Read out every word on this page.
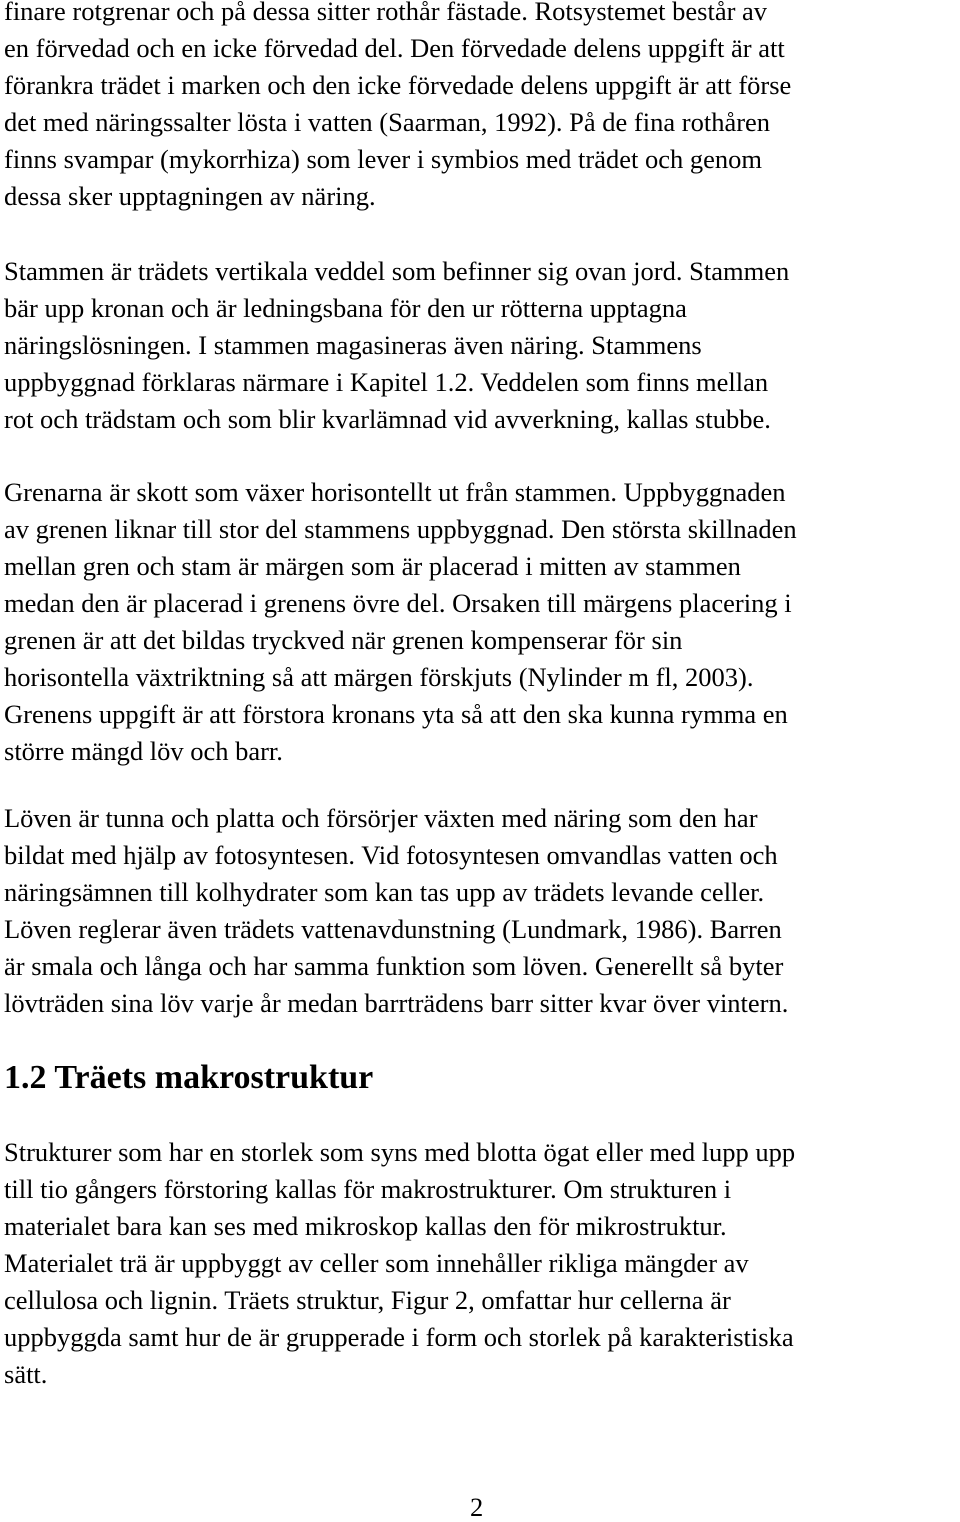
finare rotgrenar och på dessa sitter rothår fästade. Rotsystemet består av
en förvedad och en icke förvedad del. Den förvedade delens uppgift är att
förankra trädet i marken och den icke förvedade delens uppgift är att förse
det med näringssalter lösta i vatten (Saarman, 1992). På de fina rothåren
finns svampar (mykorrhiza) som lever i symbios med trädet och genom
dessa sker upptagningen av näring.

Stammen är trädets vertikala veddel som befinner sig ovan jord. Stammen
bär upp kronan och är ledningsbana för den ur rötterna upptagna
näringslösningen. I stammen magasineras även näring. Stammens
uppbyggnad förklaras närmare i Kapitel 1.2. Veddelen som finns mellan
rot och trädstam och som blir kvarlämnad vid avverkning, kallas stubbe.

Grenarna är skott som växer horisontellt ut från stammen. Uppbyggnaden
av grenen liknar till stor del stammens uppbyggnad. Den största skillnaden
mellan gren och stam är märgen som är placerad i mitten av stammen
medan den är placerad i grenens övre del. Orsaken till märgens placering i
grenen är att det bildas tryckved när grenen kompenserar för sin
horisontella växtriktning så att märgen förskjuts (Nylinder m fl, 2003).
Grenens uppgift är att förstora kronans yta så att den ska kunna rymma en
större mängd löv och barr.

Löven är tunna och platta och försörjer växten med näring som den har
bildat med hjälp av fotosyntesen. Vid fotosyntesen omvandlas vatten och
näringsämnen till kolhydrater som kan tas upp av trädets levande celler.
Löven reglerar även trädets vattenavdunstning (Lundmark, 1986). Barren
är smala och långa och har samma funktion som löven. Generellt så byter
lövträden sina löv varje år medan barrträdens barr sitter kvar över vintern.

1.2 Träets makrostruktur

Strukturer som har en storlek som syns med blotta ögat eller med lupp upp
till tio gångers förstoring kallas för makrostrukturer. Om strukturen i
materialet bara kan ses med mikroskop kallas den för mikrostruktur.
Materialet trä är uppbyggt av celler som innehåller rikliga mängder av
cellulosa och lignin. Träets struktur, Figur 2, omfattar hur cellerna är
uppbyggda samt hur de är grupperade i form och storlek på karakteristiska
sätt.

2
